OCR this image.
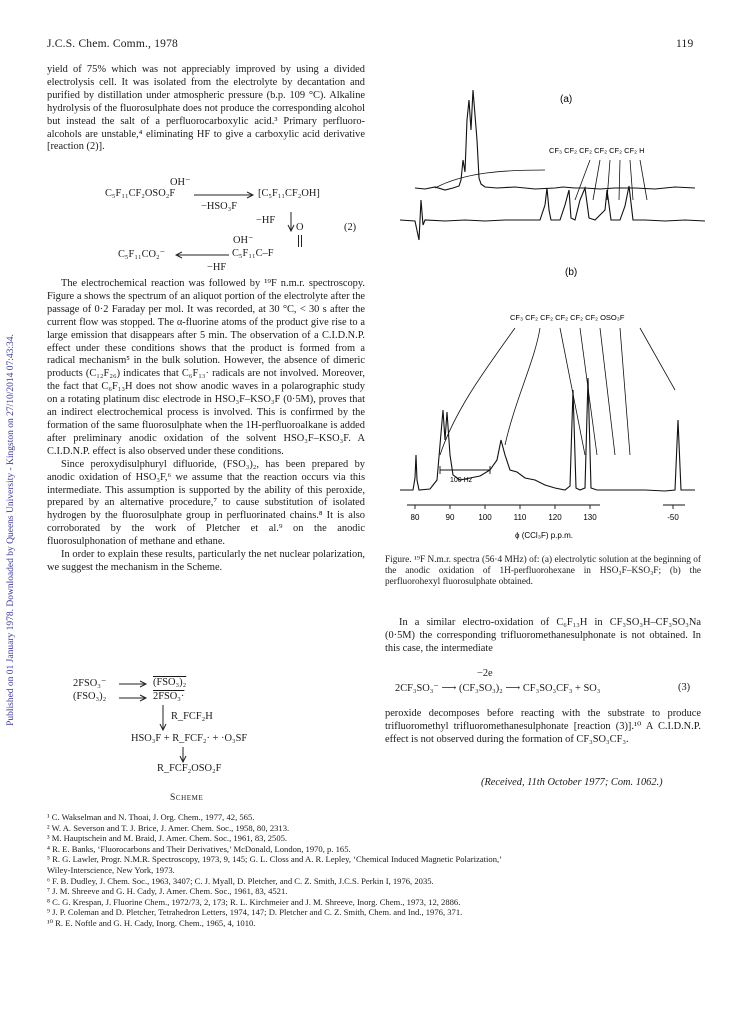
J.C.S. Chem. Comm., 1978	119
Published on 01 January 1978. Downloaded by Queens University - Kingston on 27/10/2014 07:43:34.

yield of 75% which was not appreciably improved by using a divided electrolysis cell. It was isolated from the electrolyte by decantation and purified by distillation under atmospheric pressure (b.p. 109 °C). Alkaline hydrolysis of the fluorosulphate does not produce the corresponding alcohol but instead the salt of a perfluorocarboxylic acid.³ Primary perfluoro-alcohols are unstable,⁴ eliminating HF to give a carboxylic acid derivative [reaction (2)].

OH⁻
C₅F₁₁CF₂OSO₂F	[C₅F₁₁CF₂OH]
−HSO₃F
−HF
O	(2)
OH⁻
C₅F₁₁CO₂⁻	C₅F₁₁C–F
−HF

The electrochemical reaction was followed by ¹⁹F n.m.r. spectroscopy. Figure a shows the spectrum of an aliquot portion of the electrolyte after the passage of 0·2 Faraday per mol. It was recorded, at 30 °C, < 30 s after the current flow was stopped. The α-fluorine atoms of the product give rise to a large emission that disappears after 5 min. The observation of a C.I.D.N.P. effect under these conditions shows that the product is formed from a radical mechanism⁵ in the bulk solution. However, the absence of dimeric products (C₁₂F₂₆) indicates that C₆F₁₃· radicals are not involved. Moreover, the fact that C₆F₁₃H does not show anodic waves in a polarographic study on a rotating platinum disc electrode in HSO₃F–KSO₃F (0·5M), proves that an indirect electrochemical process is involved. This is confirmed by the formation of the same fluorosulphate when the 1H-perfluoroalkane is added after preliminary anodic oxidation of the solvent HSO₃F–KSO₃F. A C.I.D.N.P. effect is also observed under these conditions.

Since peroxydisulphuryl difluoride, (FSO₃)₂, has been prepared by anodic oxidation of HSO₃F,⁶ we assume that the reaction occurs via this intermediate. This assumption is supported by the ability of this peroxide, prepared by an alternative procedure,⁷ to cause substitution of isolated hydrogen by the fluorosulphate group in perfluorinated chains.⁸ It is also corroborated by the work of Pletcher et al.⁹ on the anodic fluorosulphonation of methane and ethane.

In order to explain these results, particularly the net nuclear polarization, we suggest the mechanism in the Scheme.

2FSO₃⁻	(FSO₃)₂
(FSO₃)₂	2FSO₃·
R_FCF₂H
HSO₃F + R_FCF₂· + ·O₃SF
R_FCF₂OSO₂F
Scheme
(a)
CF₃ CF₂ CF₂ CF₂ CF₂ CF₂ H
(b)
CF₃ CF₂ CF₂ CF₂ CF₂ CF₂ OSO₃F
100 Hz
80	90	100	110	120	130	-50
ϕ (CCl₃F) p.p.m.
Figure. ¹⁹F N.m.r. spectra (56·4 MHz) of: (a) electrolytic solution at the beginning of the anodic oxidation of 1H-perfluorohexane in HSO₃F–KSO₃F; (b) the perfluorohexyl fluorosulphate obtained.
In a similar electro-oxidation of C₆F₁₃H in CF₃SO₃H–CF₃SO₃Na (0·5M) the corresponding trifluoromethanesulphonate is not obtained. In this case, the intermediate
−2e
2CF₃SO₃⁻ ⟶ (CF₃SO₃)₂ ⟶ CF₃SO₃CF₃ + SO₃	(3)
peroxide decomposes before reacting with the substrate to produce trifluoromethyl trifluoromethanesulphonate [reaction (3)].¹⁰ A C.I.D.N.P. effect is not observed during the formation of CF₃SO₃CF₃.
(Received, 11th October 1977; Com. 1062.)
¹ C. Wakselman and N. Thoai, J. Org. Chem., 1977, 42, 565.
² W. A. Severson and T. J. Brice, J. Amer. Chem. Soc., 1958, 80, 2313.
³ M. Hauptschein and M. Braid, J. Amer. Chem. Soc., 1961, 83, 2505.
⁴ R. E. Banks, ‘Fluorocarbons and Their Derivatives,’ McDonald, London, 1970, p. 165.
⁵ R. G. Lawler, Progr. N.M.R. Spectroscopy, 1973, 9, 145; G. L. Closs and A. R. Lepley, ‘Chemical Induced Magnetic Polarization,’
Wiley-Interscience, New York, 1973.
⁶ F. B. Dudley, J. Chem. Soc., 1963, 3407; C. J. Myall, D. Pletcher, and C. Z. Smith, J.C.S. Perkin I, 1976, 2035.
⁷ J. M. Shreeve and G. H. Cady, J. Amer. Chem. Soc., 1961, 83, 4521.
⁸ C. G. Krespan, J. Fluorine Chem., 1972/73, 2, 173; R. L. Kirchmeier and J. M. Shreeve, Inorg. Chem., 1973, 12, 2886.
⁹ J. P. Coleman and D. Pletcher, Tetrahedron Letters, 1974, 147; D. Pletcher and C. Z. Smith, Chem. and Ind., 1976, 371.
¹⁰ R. E. Noftle and G. H. Cady, Inorg. Chem., 1965, 4, 1010.
